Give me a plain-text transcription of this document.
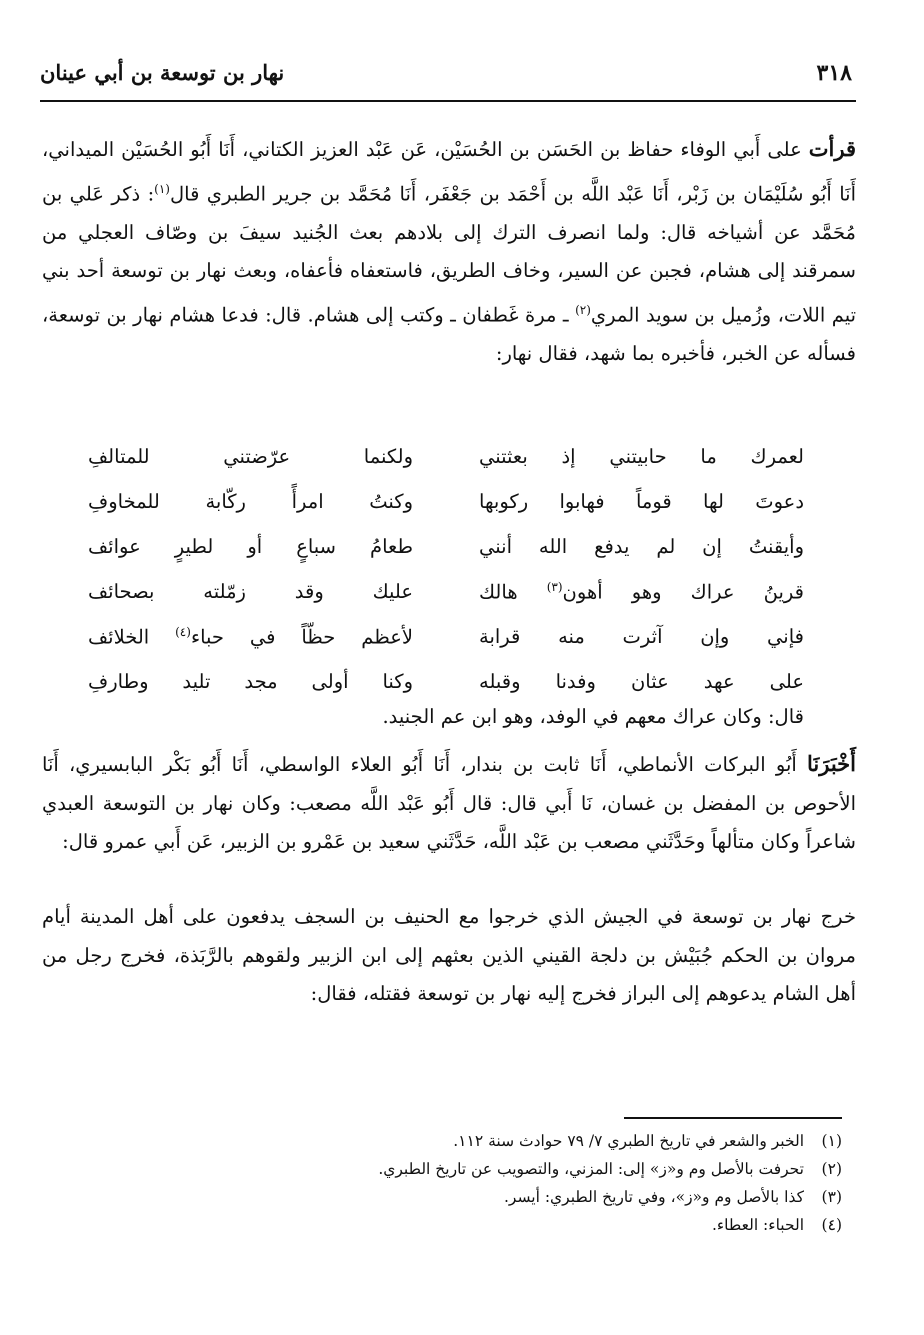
٣١٨
نهار بن توسعة بن أبي عينان
قرأت على أَبي الوفاء حفاظ بن الحَسَن بن الحُسَيْن، عَن عَبْد العزيز الكتاني، أَنَا أَبُو الحُسَيْن الميداني، أَنَا أَبُو سُلَيْمَان بن زَبْر، أَنَا عَبْد اللَّه بن أَحْمَد بن جَعْفَر، أَنَا مُحَمَّد بن جرير الطبري قال$^{(١)}$: ذكر عَلي بن مُحَمَّد عن أشياخه قال: ولما انصرف الترك إلى بلادهم بعث الجُنيد سيفَ بن وصّاف العجلي من سمرقند إلى هشام، فجبن عن السير، وخاف الطريق، فاستعفاه فأعفاه، وبعث نهار بن توسعة أحد بني تيم اللات، وزُميل بن سويد المري$^{(٢)}$ ـ مرة غَطفان ـ وكتب إلى هشام. قال: فدعا هشام نهار بن توسعة، فسأله عن الخبر، فأخبره بما شهد، فقال نهار:
لعمرك ما حابيتني إذ بعثتني
ولكنما عرّضتني للمتالفِ
دعوتَ لها قوماً فهابوا ركوبها
وكنتُ امرأً ركّابة للمخاوفِ
وأيقنتُ إن لم يدفع الله أنني
طعامُ سباعٍ أو لطيرٍ عوائف
قرينُ عراك وهو أهون$^{(٣)}$ هالك
عليك وقد زمّلته بصحائف
فإني وإن آثرت منه قرابة
لأعظم حظّاً في حباء$^{(٤)}$ الخلائف
على عهد عثان وفدنا وقبله
وكنا أولى مجد تليد وطارفِ
قال: وكان عراك معهم في الوفد، وهو ابن عم الجنيد.
أَخْبَرَنَا أَبُو البركات الأنماطي، أَنَا ثابت بن بندار، أَنَا أَبُو العلاء الواسطي، أَنَا أَبُو بَكْر البابسيري، أَنَا الأحوص بن المفضل بن غسان، نَا أَبي قال: قال أَبُو عَبْد اللَّه مصعب: وكان نهار بن التوسعة العبدي شاعراً وكان متألهاً وحَدَّثَني مصعب بن عَبْد اللَّه، حَدَّثَني سعيد بن عَمْرو بن الزبير، عَن أَبي عمرو قال:
خرج نهار بن توسعة في الجيش الذي خرجوا مع الحنيف بن السجف يدفعون على أهل المدينة أيام مروان بن الحكم جُبَيْش بن دلجة القيني الذين بعثهم إلى ابن الزبير ولقوهم بالرَّبَذة، فخرج رجل من أهل الشام يدعوهم إلى البراز فخرج إليه نهار بن توسعة فقتله، فقال:
(١)الخبر والشعر في تاريخ الطبري ٧/ ٧٩ حوادث سنة ١١٢.
(٢)تحرفت بالأصل وم و«ز» إلى: المزني، والتصويب عن تاريخ الطبري.
(٣)كذا بالأصل وم و«ز»، وفي تاريخ الطبري: أيسر.
(٤)الحباء: العطاء.
